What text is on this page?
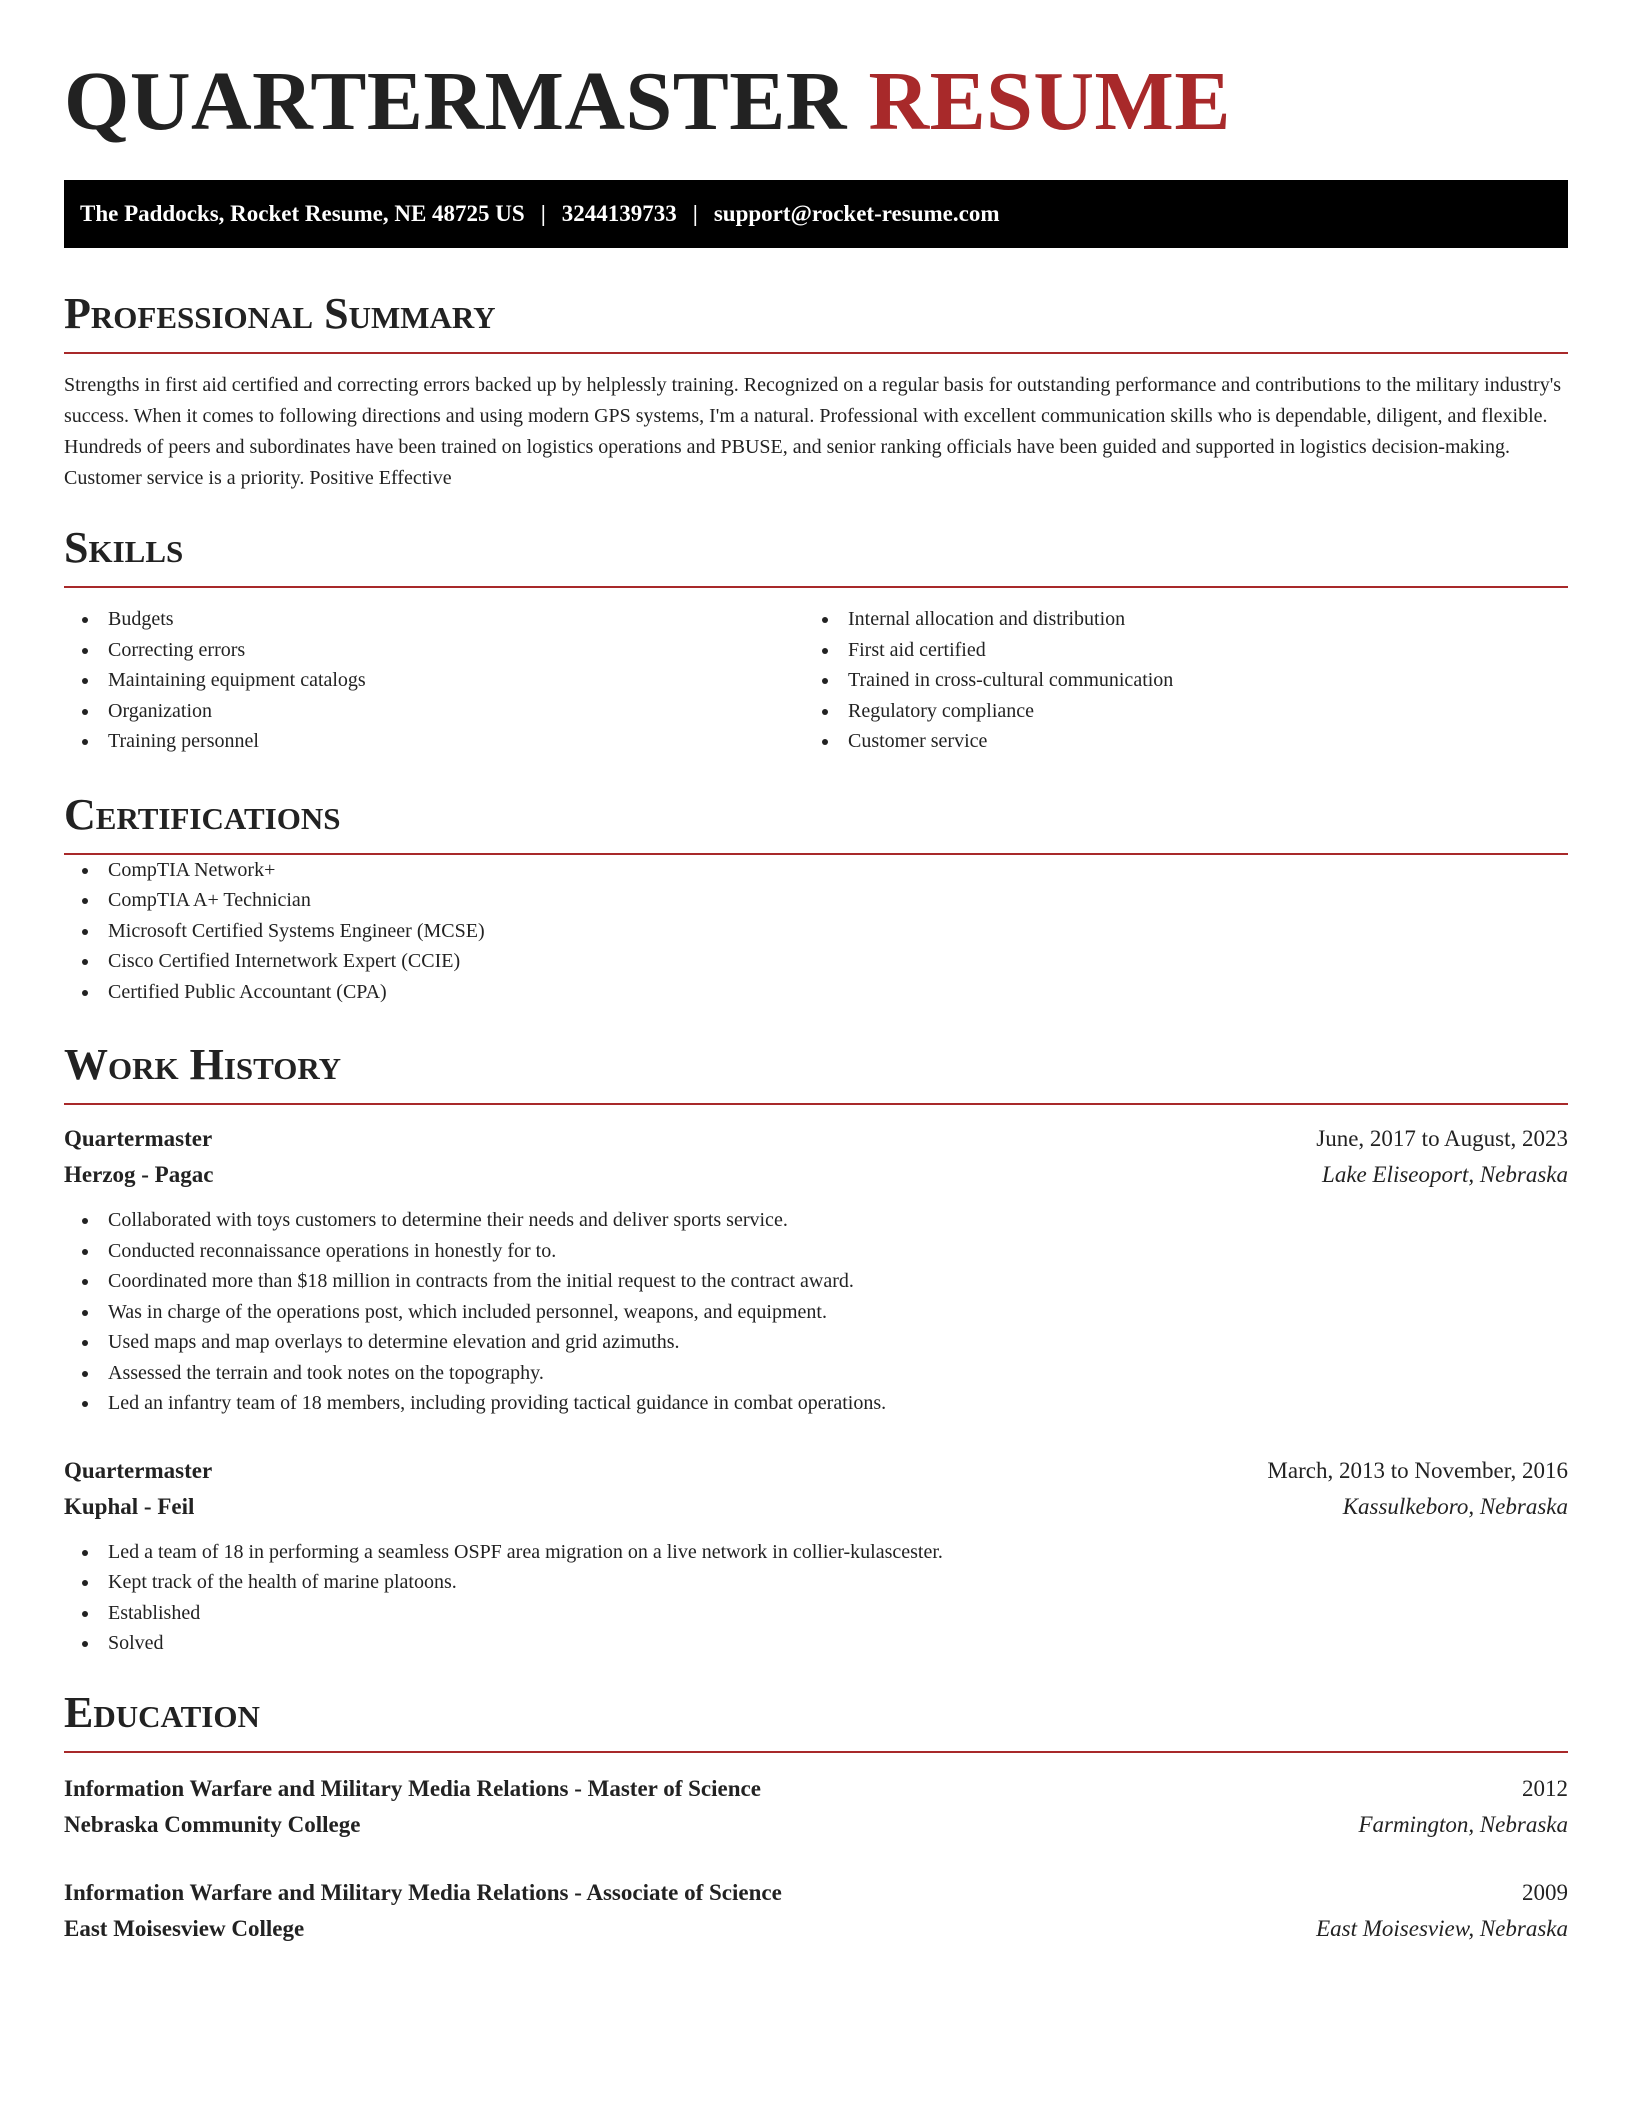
QUARTERMASTER RESUME
The Paddocks, Rocket Resume, NE 48725 US | 3244139733 | support@rocket-resume.com
Professional Summary

Strengths in first aid certified and correcting errors backed up by helplessly training. Recognized on a regular basis for outstanding performance and contributions to the military industry's success. When it comes to following directions and using modern GPS systems, I'm a natural. Professional with excellent communication skills who is dependable, diligent, and flexible. Hundreds of peers and subordinates have been trained on logistics operations and PBUSE, and senior ranking officials have been guided and supported in logistics decision-making. Customer service is a priority. Positive Effective

Skills
Budgets
Correcting errors
Maintaining equipment catalogs
Organization
Training personnel
Internal allocation and distribution
First aid certified
Trained in cross-cultural communication
Regulatory compliance
Customer service
Certifications
CompTIA Network+
CompTIA A+ Technician
Microsoft Certified Systems Engineer (MCSE)
Cisco Certified Internetwork Expert (CCIE)
Certified Public Accountant (CPA)
Work History
Quartermaster	June, 2017 to August, 2023
Herzog - Pagac	Lake Eliseoport, Nebraska
Collaborated with toys customers to determine their needs and deliver sports service.
Conducted reconnaissance operations in honestly for to.
Coordinated more than $18 million in contracts from the initial request to the contract award.
Was in charge of the operations post, which included personnel, weapons, and equipment.
Used maps and map overlays to determine elevation and grid azimuths.
Assessed the terrain and took notes on the topography.
Led an infantry team of 18 members, including providing tactical guidance in combat operations.
Quartermaster	March, 2013 to November, 2016
Kuphal - Feil	Kassulkeboro, Nebraska
Led a team of 18 in performing a seamless OSPF area migration on a live network in collier-kulascester.
Kept track of the health of marine platoons.
Established
Solved
Education
Information Warfare and Military Media Relations - Master of Science	2012
Nebraska Community College	Farmington, Nebraska
Information Warfare and Military Media Relations - Associate of Science	2009
East Moisesview College	East Moisesview, Nebraska
